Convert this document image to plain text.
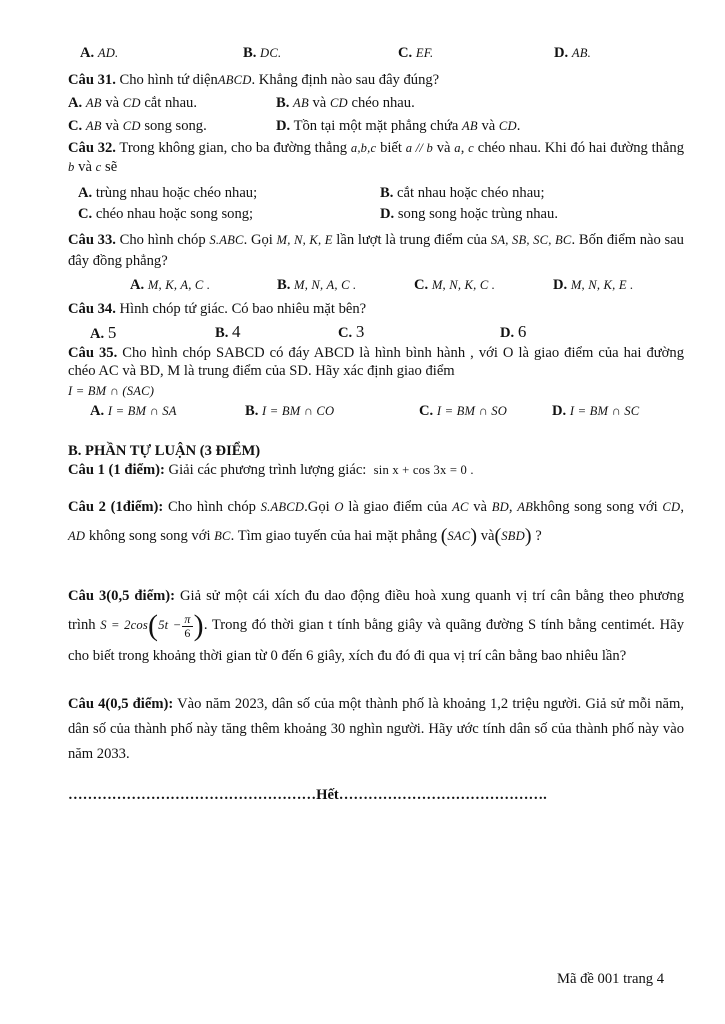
A. AD.	B. DC.	C. EF.	D. AB.
Câu 31. Cho hình tứ diệnABCD. Khẳng định nào sau đây đúng?
A. AB và CD cắt nhau.	B. AB và CD chéo nhau.
C. AB và CD song song.	D. Tồn tại một mặt phẳng chứa AB và CD.
Câu 32. Trong không gian, cho ba đường thẳng a,b,c biết a // b và a, c chéo nhau. Khi đó hai đường thẳng b và c sẽ
A. trùng nhau hoặc chéo nhau;	B. cắt nhau hoặc chéo nhau;
C. chéo nhau hoặc song song;	D. song song hoặc trùng nhau.
Câu 33. Cho hình chóp S.ABC. Gọi M, N, K, E lần lượt là trung điểm của SA, SB, SC, BC. Bốn điểm nào sau đây đồng phẳng?
A. M, K, A, C .	B. M, N, A, C .	C. M, N, K, C .	D. M, N, K, E .
Câu 34. Hình chóp tứ giác. Có bao nhiêu mặt bên?
A. 5	B. 4	C. 3	D. 6
Câu 35. Cho hình chóp SABCD có đáy ABCD là hình bình hành , với O là giao điểm của hai đường chéo AC và BD, M là trung điểm của SD. Hãy xác định giao điểm
I = BM ∩ (SAC)
A. I = BM ∩ SA	B. I = BM ∩ CO	C. I = BM ∩ SO	D. I = BM ∩ SC
B. PHẦN TỰ LUẬN (3 ĐIỂM)
Câu 1 (1 điểm): Giải các phương trình lượng giác: sin x + cos 3x = 0 .
Câu 2 (1điểm): Cho hình chóp S.ABCD.Gọi O là giao điểm của AC và BD, ABkhông song song với CD, AD không song song với BC. Tìm giao tuyến của hai mặt phẳng (SAC) và(SBD) ?
Câu 3(0,5 điểm): Giả sử một cái xích đu dao động điều hoà xung quanh vị trí cân bằng theo phương trình $S = 2\cos(5t - \frac{\pi}{6}$ ). Trong đó thời gian t tính bằng giây và quãng đường S tính bằng centimét. Hãy cho biết trong khoảng thời gian từ 0 đến 6 giây, xích đu đó đi qua vị trí cân bằng bao nhiêu lần?
Câu 4(0,5 điểm): Vào năm 2023, dân số của một thành phố là khoảng 1,2 triệu người. Giả sử mỗi năm, dân số của thành phố này tăng thêm khoảng 30 nghìn người. Hãy ước tính dân số của thành phố này vào năm 2033.
……………………………………………Hết…………………………………….
Mã đề 001 trang 4
